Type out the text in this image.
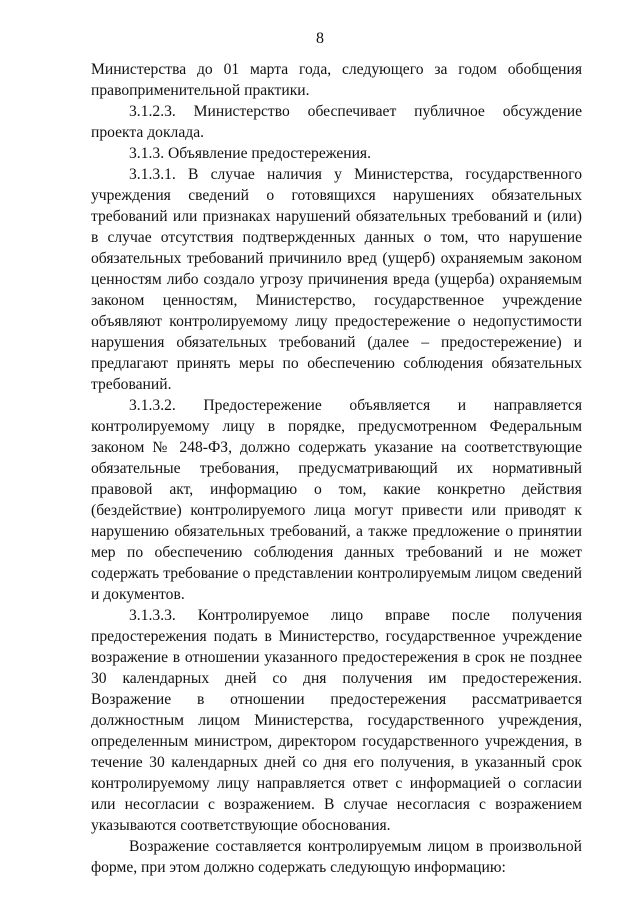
8

Министерства до 01 марта года, следующего за годом обобщения правоприменительной практики.

3.1.2.3. Министерство обеспечивает публичное обсуждение проекта доклада.

3.1.3. Объявление предостережения.

3.1.3.1. В случае наличия у Министерства, государственного учреждения сведений о готовящихся нарушениях обязательных требований или признаках нарушений обязательных требований и (или) в случае отсутствия подтвержденных данных о том, что нарушение обязательных требований причинило вред (ущерб) охраняемым законом ценностям либо создало угрозу причинения вреда (ущерба) охраняемым законом ценностям, Министерство, государственное учреждение объявляют контролируемому лицу предостережение о недопустимости нарушения обязательных требований (далее – предостережение) и предлагают принять меры по обеспечению соблюдения обязательных требований.

3.1.3.2. Предостережение объявляется и направляется контролируемому лицу в порядке, предусмотренном Федеральным законом № 248-ФЗ, должно содержать указание на соответствующие обязательные требования, предусматривающий их нормативный правовой акт, информацию о том, какие конкретно действия (бездействие) контролируемого лица могут привести или приводят к нарушению обязательных требований, а также предложение о принятии мер по обеспечению соблюдения данных требований и не может содержать требование о представлении контролируемым лицом сведений и документов.

3.1.3.3. Контролируемое лицо вправе после получения предостережения подать в Министерство, государственное учреждение возражение в отношении указанного предостережения в срок не позднее 30 календарных дней со дня получения им предостережения. Возражение в отношении предостережения рассматривается должностным лицом Министерства, государственного учреждения, определенным министром, директором государственного учреждения, в течение 30 календарных дней со дня его получения, в указанный срок контролируемому лицу направляется ответ с информацией о согласии или несогласии с возражением. В случае несогласия с возражением указываются соответствующие обоснования.

Возражение составляется контролируемым лицом в произвольной форме, при этом должно содержать следующую информацию:
